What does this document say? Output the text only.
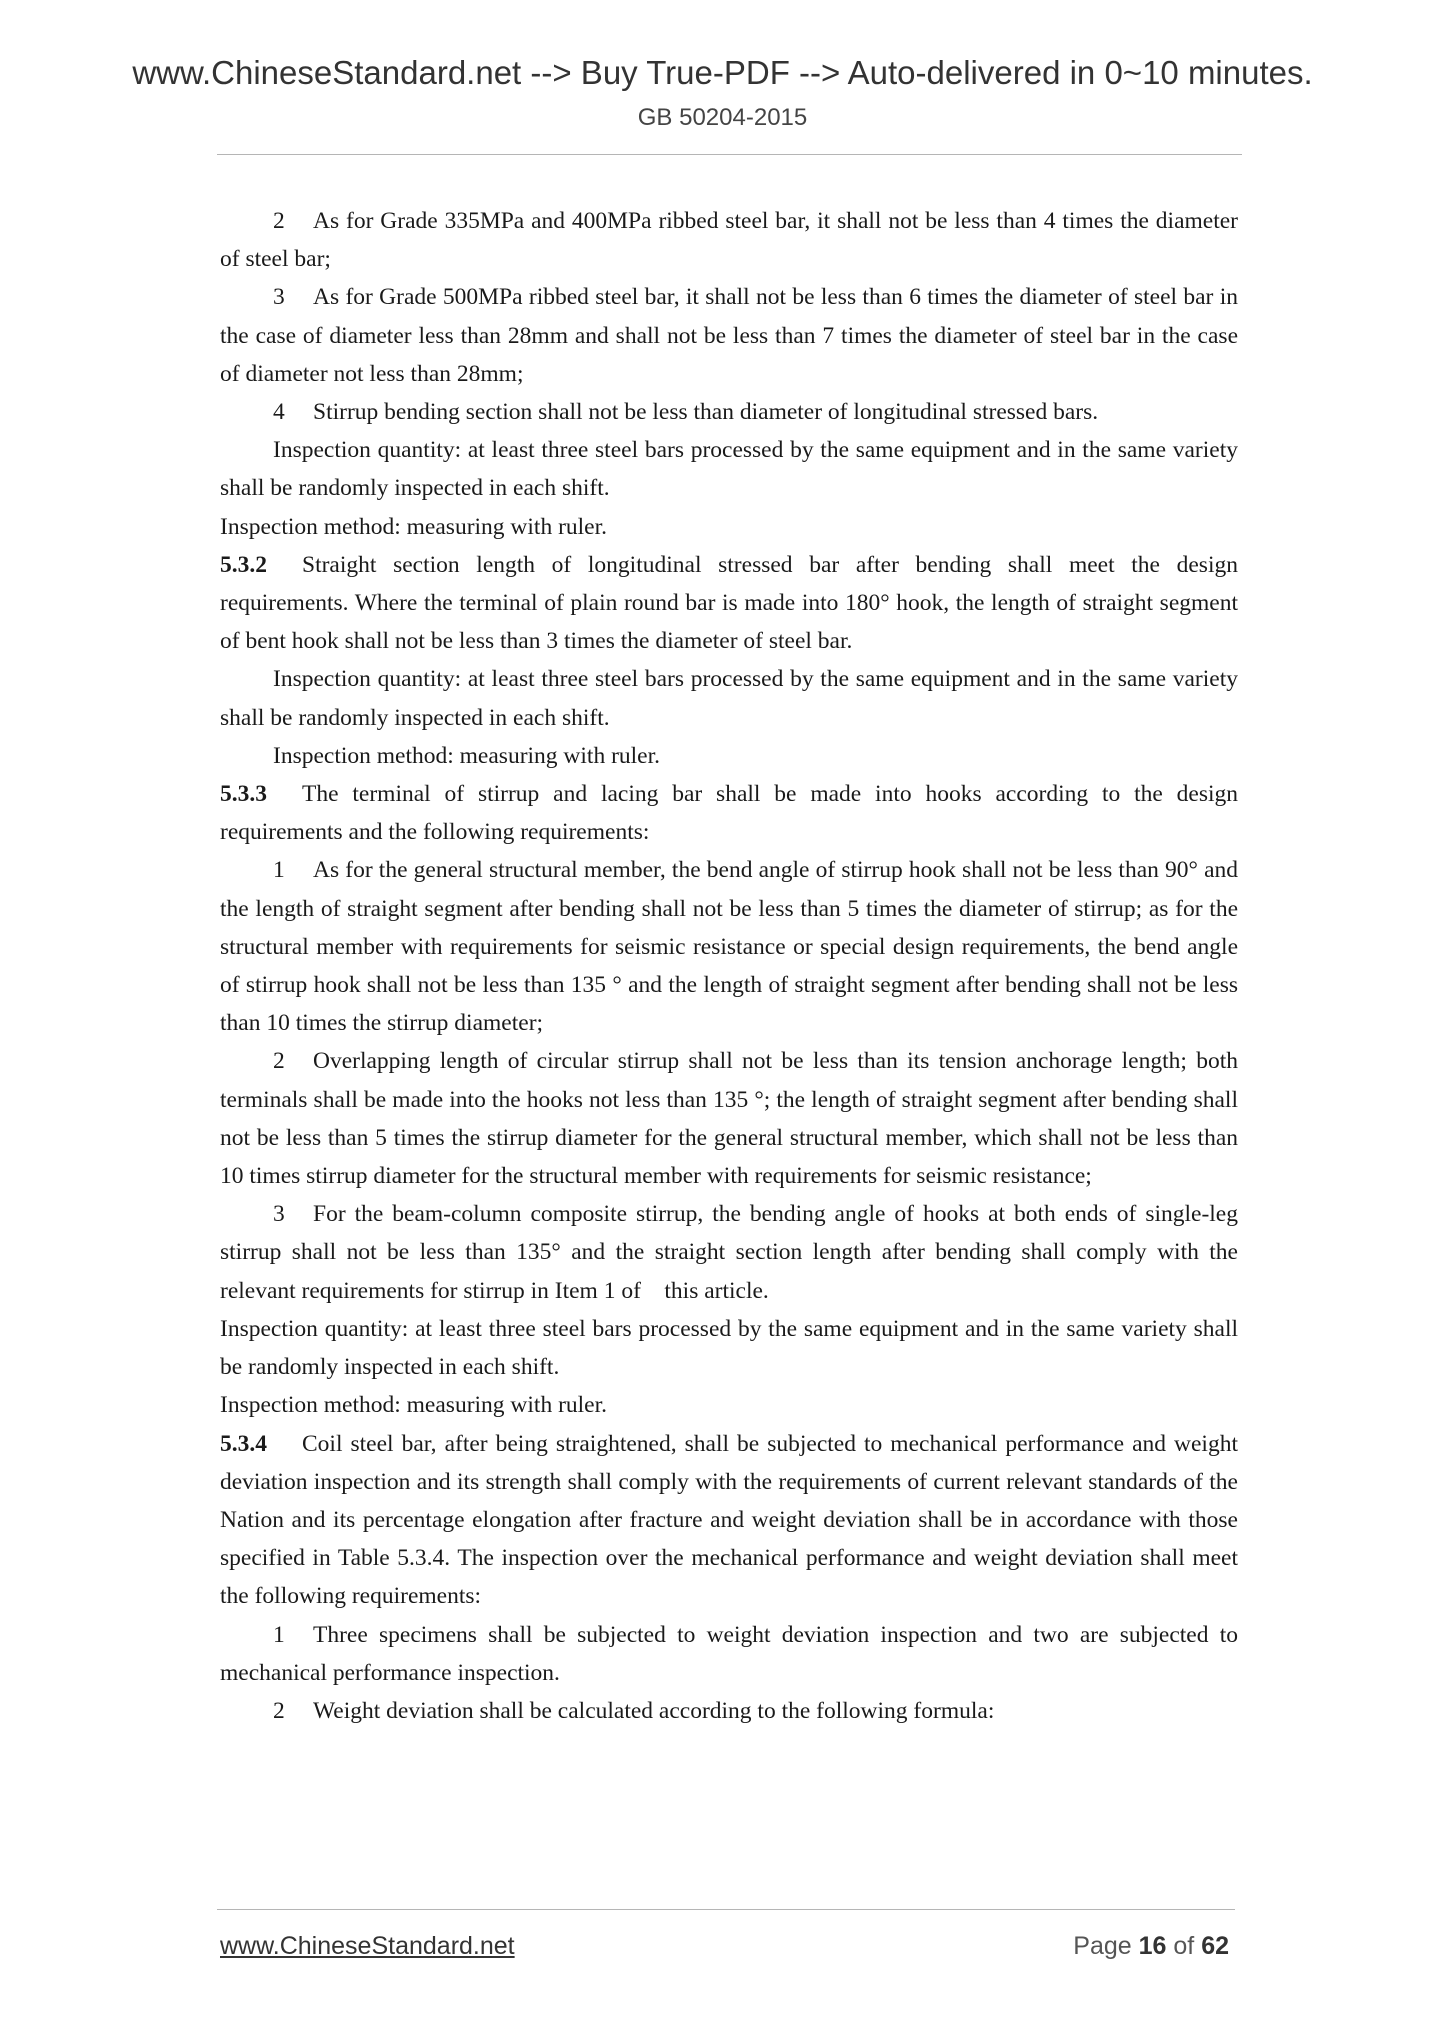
www.ChineseStandard.net --> Buy True-PDF --> Auto-delivered in 0~10 minutes.
GB 50204-2015

2 As for Grade 335MPa and 400MPa ribbed steel bar, it shall not be less than 4 times the diameter of steel bar;

3 As for Grade 500MPa ribbed steel bar, it shall not be less than 6 times the diameter of steel bar in the case of diameter less than 28mm and shall not be less than 7 times the diameter of steel bar in the case of diameter not less than 28mm;

4 Stirrup bending section shall not be less than diameter of longitudinal stressed bars.

Inspection quantity: at least three steel bars processed by the same equipment and in the same variety shall be randomly inspected in each shift.

Inspection method: measuring with ruler.

5.3.2 Straight section length of longitudinal stressed bar after bending shall meet the design requirements. Where the terminal of plain round bar is made into 180° hook, the length of straight segment of bent hook shall not be less than 3 times the diameter of steel bar.

Inspection quantity: at least three steel bars processed by the same equipment and in the same variety shall be randomly inspected in each shift.

Inspection method: measuring with ruler.

5.3.3 The terminal of stirrup and lacing bar shall be made into hooks according to the design requirements and the following requirements:

1 As for the general structural member, the bend angle of stirrup hook shall not be less than 90° and the length of straight segment after bending shall not be less than 5 times the diameter of stirrup; as for the structural member with requirements for seismic resistance or special design requirements, the bend angle of stirrup hook shall not be less than 135 ° and the length of straight segment after bending shall not be less than 10 times the stirrup diameter;

2 Overlapping length of circular stirrup shall not be less than its tension anchorage length; both terminals shall be made into the hooks not less than 135 °; the length of straight segment after bending shall not be less than 5 times the stirrup diameter for the general structural member, which shall not be less than 10 times stirrup diameter for the structural member with requirements for seismic resistance;

3 For the beam-column composite stirrup, the bending angle of hooks at both ends of single-leg stirrup shall not be less than 135° and the straight section length after bending shall comply with the relevant requirements for stirrup in Item 1 of    this article.

Inspection quantity: at least three steel bars processed by the same equipment and in the same variety shall be randomly inspected in each shift.

Inspection method: measuring with ruler.

5.3.4 Coil steel bar, after being straightened, shall be subjected to mechanical performance and weight deviation inspection and its strength shall comply with the requirements of current relevant standards of the Nation and its percentage elongation after fracture and weight deviation shall be in accordance with those specified in Table 5.3.4. The inspection over the mechanical performance and weight deviation shall meet the following requirements:

1 Three specimens shall be subjected to weight deviation inspection and two are subjected to mechanical performance inspection.

2 Weight deviation shall be calculated according to the following formula:

www.ChineseStandard.net	Page 16 of 62
